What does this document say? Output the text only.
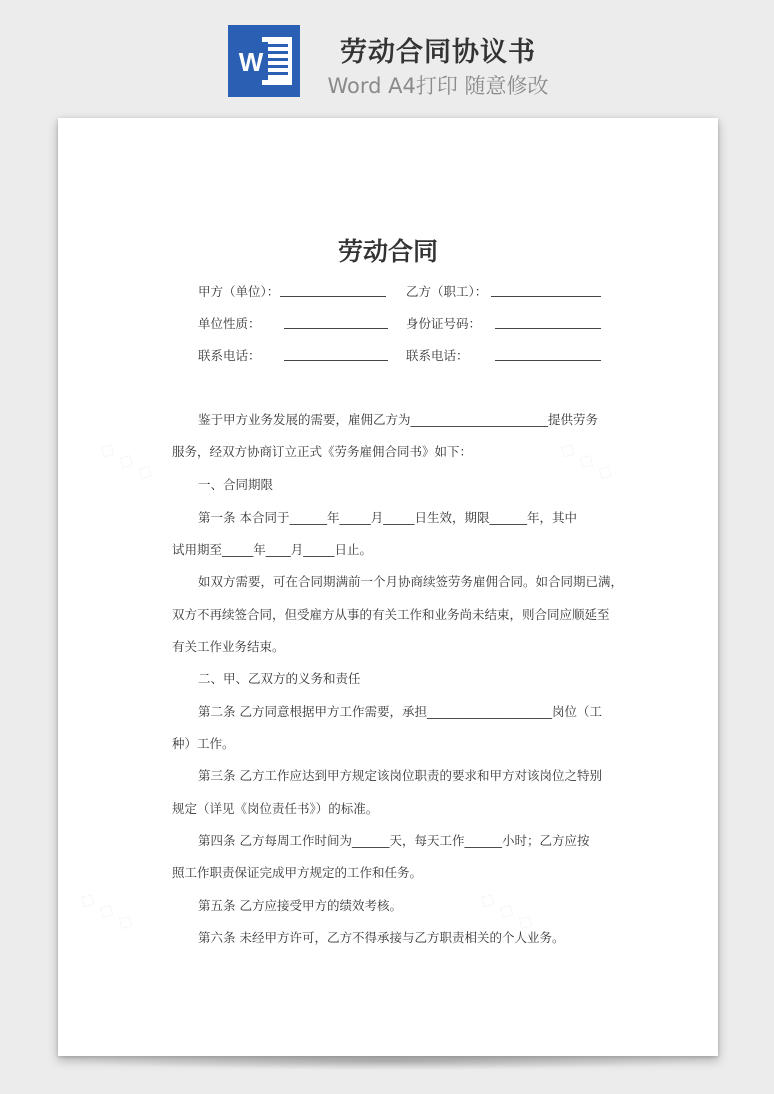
W	劳动合同协议书
Word A4打印 随意修改
劳动合同
甲方（单位）：	乙方（职工）：
单位性质：	身份证号码：
联系电话：	联系电话：
鉴于甲方业务发展的需要，雇佣乙方为______________________提供劳务
服务，经双方协商订立正式《劳务雇佣合同书》如下：
一、合同期限
第一条 本合同于______年_____月_____日生效，期限______年，其中
试用期至_____年____月_____日止。
如双方需要，可在合同期满前一个月协商续签劳务雇佣合同。如合同期已满，
双方不再续签合同，但受雇方从事的有关工作和业务尚未结束，则合同应顺延至
有关工作业务结束。
二、甲、乙双方的义务和责任
第二条 乙方同意根据甲方工作需要，承担____________________岗位（工
种）工作。
第三条 乙方工作应达到甲方规定该岗位职责的要求和甲方对该岗位之特别
规定（详见《岗位责任书》）的标准。
第四条 乙方每周工作时间为______天，每天工作______小时；乙方应按
照工作职责保证完成甲方规定的工作和任务。
第五条 乙方应接受甲方的绩效考核。
第六条 未经甲方许可，乙方不得承接与乙方职责相关的个人业务。
